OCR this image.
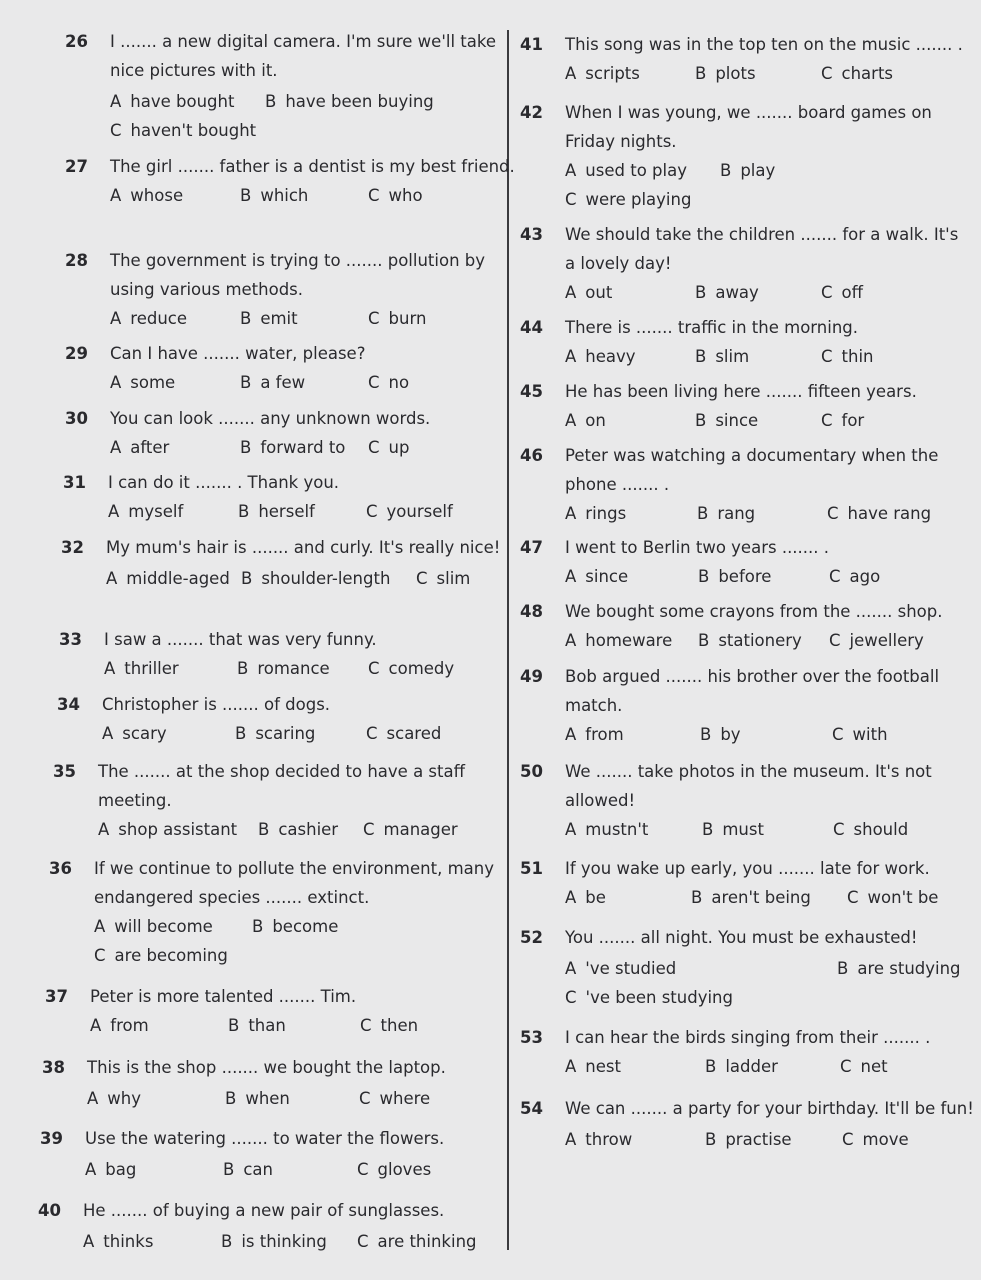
26 I ....... a new digital camera. I'm sure we'll take nice pictures with it.
A have bought B have been buying
C haven't bought
27 The girl ....... father is a dentist is my best friend.
A whose	B which	C who
28 The government is trying to ....... pollution by using various methods.
A reduce	B emit	C burn
29 Can I have ....... water, please?
A some	B a few	C no
30 You can look ....... any unknown words.
A after	B forward to C up
31 I can do it ....... . Thank you.
A myself	B herself	C yourself
32 My mum's hair is ....... and curly. It's really nice!
A middle-aged B shoulder-length C slim
33 I saw a ....... that was very funny.
A thriller	B romance C comedy
34 Christopher is ....... of dogs.
A scary	B scaring	C scared
35 The ....... at the shop decided to have a staff meeting.
A shop assistant B cashier C manager
36 If we continue to pollute the environment, many endangered species ....... extinct.
A will become B become
C are becoming
37 Peter is more talented ....... Tim.
A from	B than	C then
38 This is the shop ....... we bought the laptop.
A why	B when	C where
39 Use the watering ....... to water the flowers.
A bag	B can	C gloves
40 He ....... of buying a new pair of sunglasses.
A thinks	B is thinking C are thinking
41 This song was in the top ten on the music ....... .
A scripts	B plots	C charts
42 When I was young, we ....... board games on Friday nights.
A used to play B play
C were playing
43 We should take the children ....... for a walk. It's a lovely day!
A out	B away	C off
44 There is ....... traffic in the morning.
A heavy	B slim	C thin
45 He has been living here ....... fifteen years.
A on	B since	C for
46 Peter was watching a documentary when the phone ....... .
A rings	B rang	C have rang
47 I went to Berlin two years ....... .
A since	B before	C ago
48 We bought some crayons from the ....... shop.
A homeware B stationery C jewellery
49 Bob argued ....... his brother over the football match.
A from	B by	C with
50 We ....... take photos in the museum. It's not allowed!
A mustn't	B must	C should
51 If you wake up early, you ....... late for work.
A be	B aren't being C won't be
52 You ....... all night. You must be exhausted!
A 've studied	B are studying
C 've been studying
53 I can hear the birds singing from their ....... .
A nest	B ladder	C net
54 We can ....... a party for your birthday. It'll be fun!
A throw	B practise	C move
